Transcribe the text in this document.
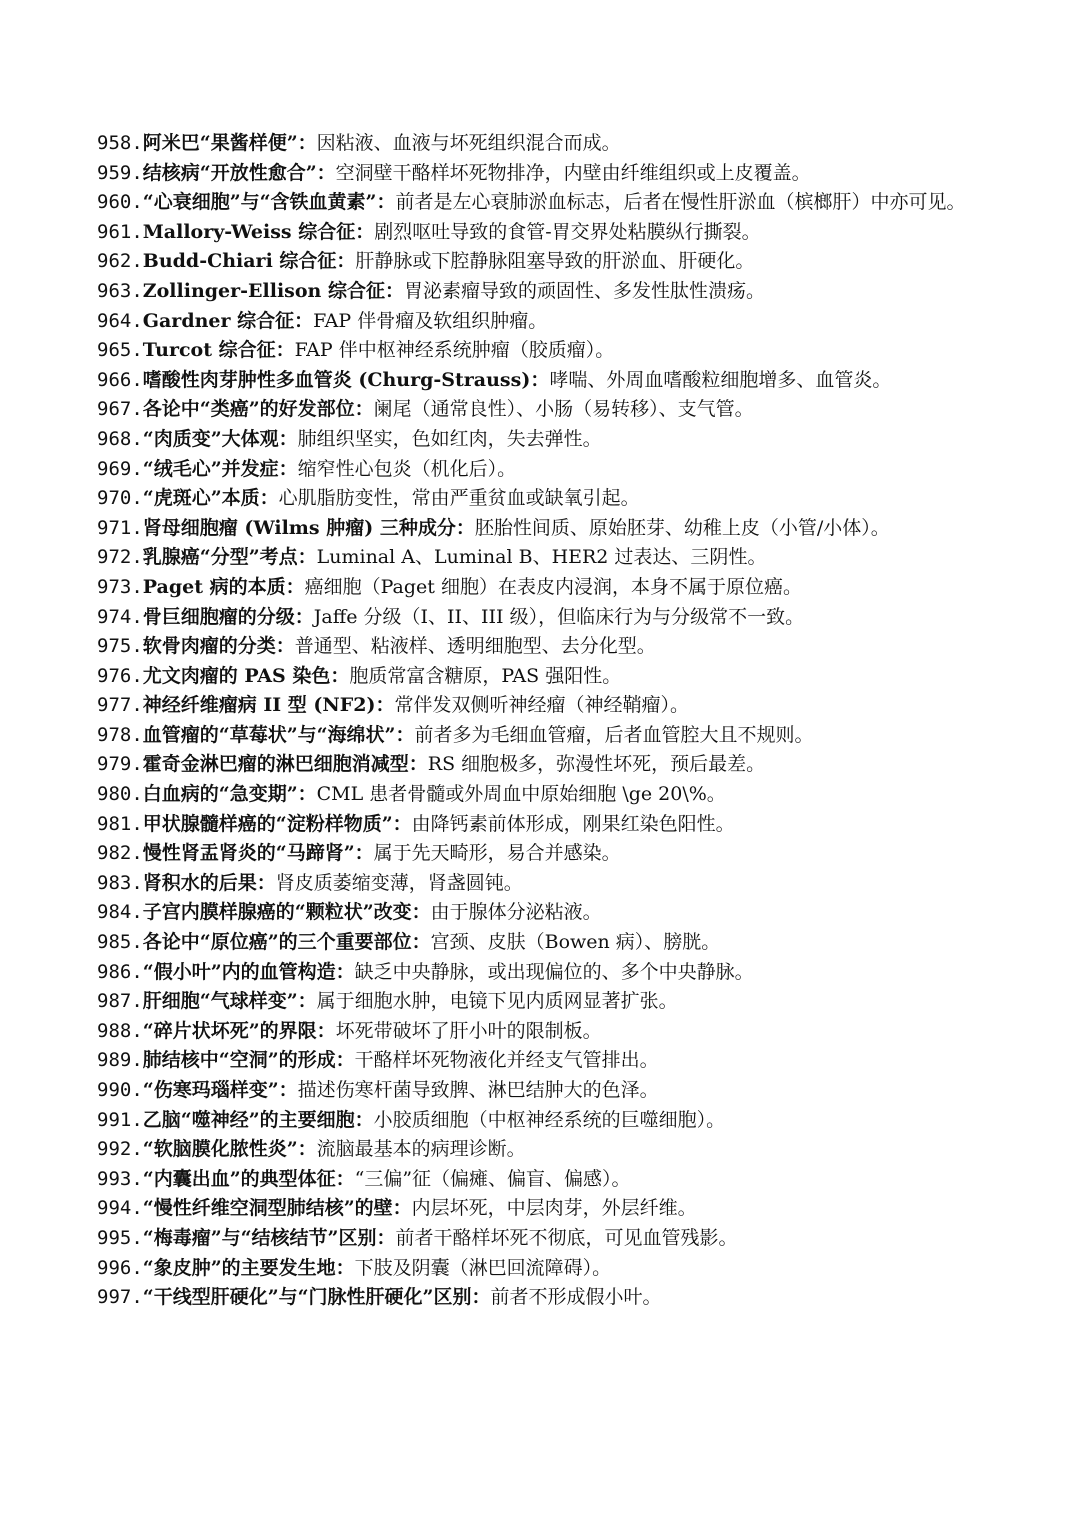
958.阿米巴“果酱样便”：因粘液、血液与坏死组织混合而成。

959.结核病“开放性愈合”：空洞壁干酪样坏死物排净，内壁由纤维组织或上皮覆盖。

960.“心衰细胞”与“含铁血黄素”：前者是左心衰肺淤血标志，后者在慢性肝淤血（槟榔肝）中亦可见。

961.Mallory-Weiss 综合征：剧烈呕吐导致的食管-胃交界处粘膜纵行撕裂。

962.Budd-Chiari 综合征：肝静脉或下腔静脉阻塞导致的肝淤血、肝硬化。

963.Zollinger-Ellison 综合征：胃泌素瘤导致的顽固性、多发性肽性溃疡。

964.Gardner 综合征：FAP 伴骨瘤及软组织肿瘤。

965.Turcot 综合征：FAP 伴中枢神经系统肿瘤（胶质瘤）。

966.嗜酸性肉芽肿性多血管炎 (Churg-Strauss)：哮喘、外周血嗜酸粒细胞增多、血管炎。

967.各论中“类癌”的好发部位：阑尾（通常良性）、小肠（易转移）、支气管。

968.“肉质变”大体观：肺组织坚实，色如红肉，失去弹性。

969.“绒毛心”并发症：缩窄性心包炎（机化后）。

970.“虎斑心”本质：心肌脂肪变性，常由严重贫血或缺氧引起。

971.肾母细胞瘤 (Wilms 肿瘤) 三种成分：胚胎性间质、原始胚芽、幼稚上皮（小管/小体）。

972.乳腺癌“分型”考点：Luminal A、Luminal B、HER2 过表达、三阴性。

973.Paget 病的本质：癌细胞（Paget 细胞）在表皮内浸润，本身不属于原位癌。

974.骨巨细胞瘤的分级：Jaffe 分级（I、II、III 级），但临床行为与分级常不一致。

975.软骨肉瘤的分类：普通型、粘液样、透明细胞型、去分化型。

976.尤文肉瘤的 PAS 染色：胞质常富含糖原，PAS 强阳性。

977.神经纤维瘤病 II 型 (NF2)：常伴发双侧听神经瘤（神经鞘瘤）。

978.血管瘤的“草莓状”与“海绵状”：前者多为毛细血管瘤，后者血管腔大且不规则。

979.霍奇金淋巴瘤的淋巴细胞消减型：RS 细胞极多，弥漫性坏死，预后最差。

980.白血病的“急变期”：CML 患者骨髓或外周血中原始细胞 \ge 20\%。

981.甲状腺髓样癌的“淀粉样物质”：由降钙素前体形成，刚果红染色阳性。

982.慢性肾盂肾炎的“马蹄肾”：属于先天畸形，易合并感染。

983.肾积水的后果：肾皮质萎缩变薄，肾盏圆钝。

984.子宫内膜样腺癌的“颗粒状”改变：由于腺体分泌粘液。

985.各论中“原位癌”的三个重要部位：宫颈、皮肤（Bowen 病）、膀胱。

986.“假小叶”内的血管构造：缺乏中央静脉，或出现偏位的、多个中央静脉。

987.肝细胞“气球样变”：属于细胞水肿，电镜下见内质网显著扩张。

988.“碎片状坏死”的界限：坏死带破坏了肝小叶的限制板。

989.肺结核中“空洞”的形成：干酪样坏死物液化并经支气管排出。

990.“伤寒玛瑙样变”：描述伤寒杆菌导致脾、淋巴结肿大的色泽。

991.乙脑“噬神经”的主要细胞：小胶质细胞（中枢神经系统的巨噬细胞）。

992.“软脑膜化脓性炎”：流脑最基本的病理诊断。

993.“内囊出血”的典型体征：“三偏”征（偏瘫、偏盲、偏感）。

994.“慢性纤维空洞型肺结核”的壁：内层坏死，中层肉芽，外层纤维。

995.“梅毒瘤”与“结核结节”区别：前者干酪样坏死不彻底，可见血管残影。

996.“象皮肿”的主要发生地：下肢及阴囊（淋巴回流障碍）。

997.“干线型肝硬化”与“门脉性肝硬化”区别：前者不形成假小叶。
